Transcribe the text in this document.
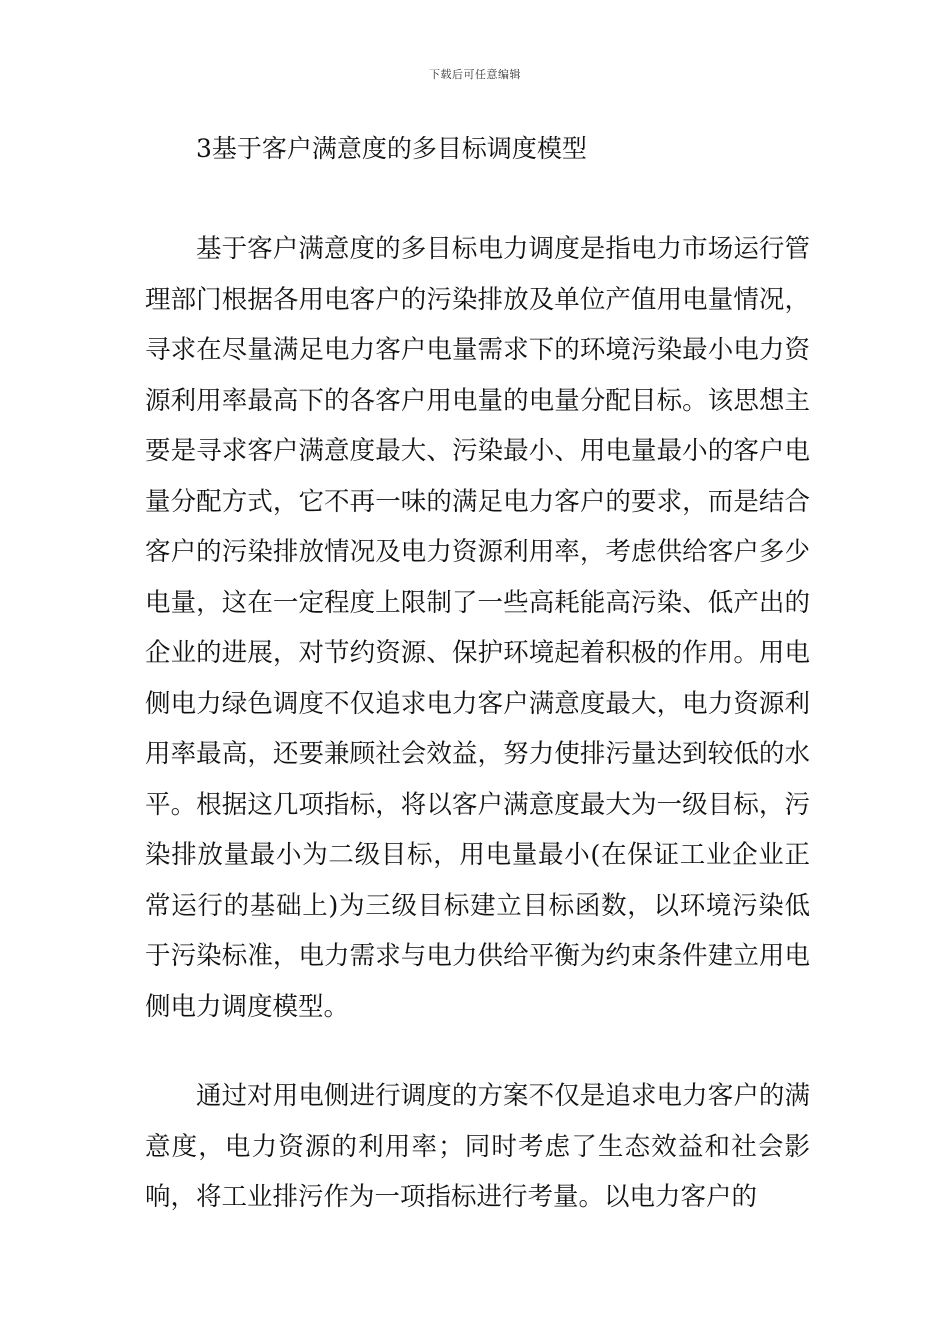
下载后可任意编辑
3基于客户满意度的多目标调度模型

基于客户满意度的多目标电力调度是指电力市场运行管理部门根据各用电客户的污染排放及单位产值用电量情况，寻求在尽量满足电力客户电量需求下的环境污染最小电力资源利用率最高下的各客户用电量的电量分配目标。该思想主要是寻求客户满意度最大、污染最小、用电量最小的客户电量分配方式，它不再一味的满足电力客户的要求，而是结合客户的污染排放情况及电力资源利用率，考虑供给客户多少电量，这在一定程度上限制了一些高耗能高污染、低产出的企业的进展，对节约资源、保护环境起着积极的作用。用电侧电力绿色调度不仅追求电力客户满意度最大，电力资源利用率最高，还要兼顾社会效益，努力使排污量达到较低的水平。根据这几项指标，将以客户满意度最大为一级目标，污染排放量最小为二级目标，用电量最小(在保证工业企业正常运行的基础上)为三级目标建立目标函数，以环境污染低于污染标准，电力需求与电力供给平衡为约束条件建立用电侧电力调度模型。

通过对用电侧进行调度的方案不仅是追求电力客户的满意度，电力资源的利用率；同时考虑了生态效益和社会影响，将工业排污作为一项指标进行考量。以电力客户的
